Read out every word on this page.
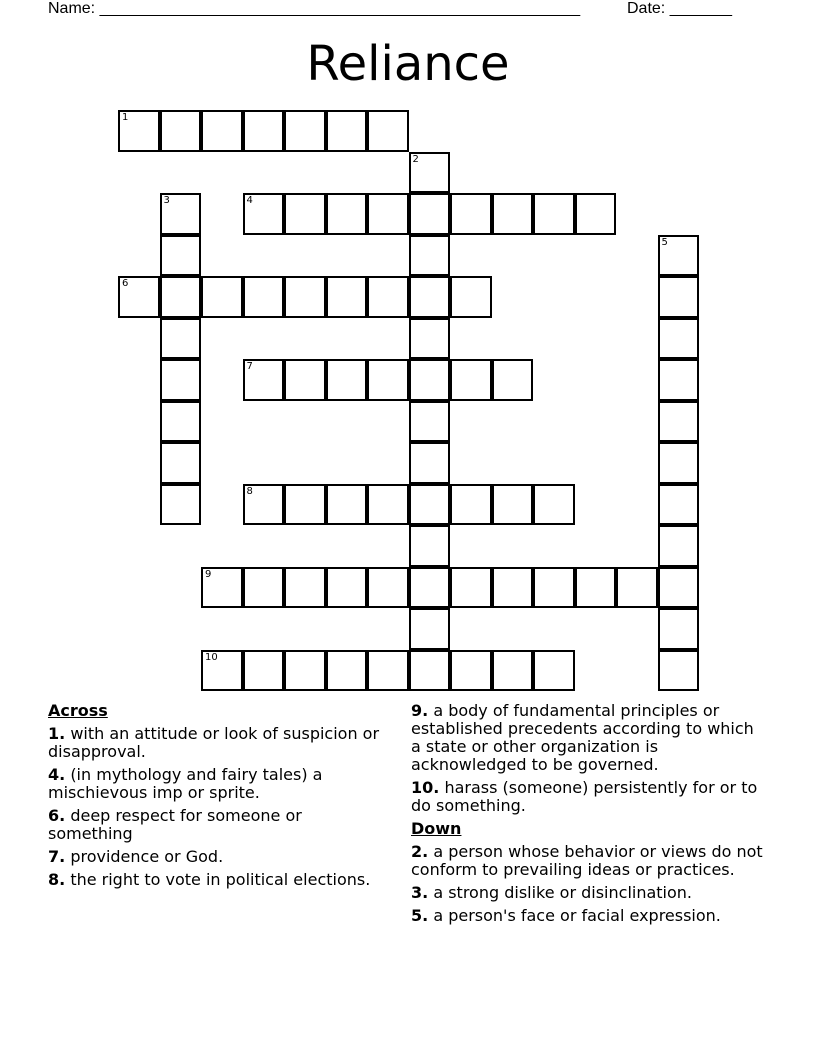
Name: ______________________________________________________	Date: _______
Reliance
1
2
3	4
5
6
7
8
9
10
Across
1. with an attitude or look of suspicion or disapproval.
4. (in mythology and fairy tales) a mischievous imp or sprite.
6. deep respect for someone or something
7. providence or God.
8. the right to vote in political elections.
9. a body of fundamental principles or established precedents according to which a state or other organization is acknowledged to be governed.
10. harass (someone) persistently for or to do something.
Down
2. a person whose behavior or views do not conform to prevailing ideas or practices.
3. a strong dislike or disinclination.
5. a person's face or facial expression.
